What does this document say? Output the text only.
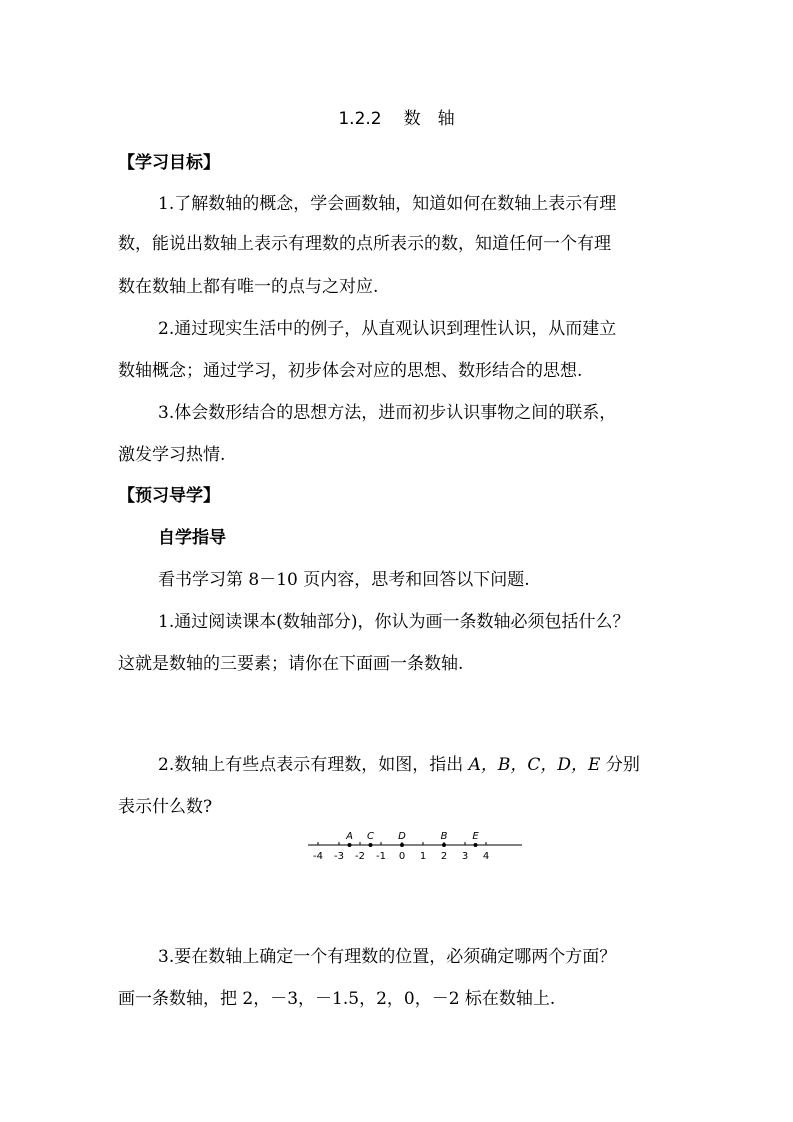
1.2.2 数　轴
【学习目标】
1.了解数轴的概念，学会画数轴，知道如何在数轴上表示有理
数，能说出数轴上表示有理数的点所表示的数，知道任何一个有理
数在数轴上都有唯一的点与之对应.
2.通过现实生活中的例子，从直观认识到理性认识，从而建立
数轴概念；通过学习，初步体会对应的思想、数形结合的思想.
3.体会数形结合的思想方法，进而初步认识事物之间的联系，
激发学习热情.
【预习导学】
自学指导
看书学习第 8－10 页内容，思考和回答以下问题.
1.通过阅读课本(数轴部分)，你认为画一条数轴必须包括什么？
这就是数轴的三要素；请你在下面画一条数轴.
2.数轴上有些点表示有理数，如图，指出 A，B，C，D，E 分别
表示什么数?
-4 -3 -2 -1 0 1 2 3 4
A C D	B E
3.要在数轴上确定一个有理数的位置，必须确定哪两个方面？
画一条数轴，把 2，－3，－1.5，2，0，－2 标在数轴上.
